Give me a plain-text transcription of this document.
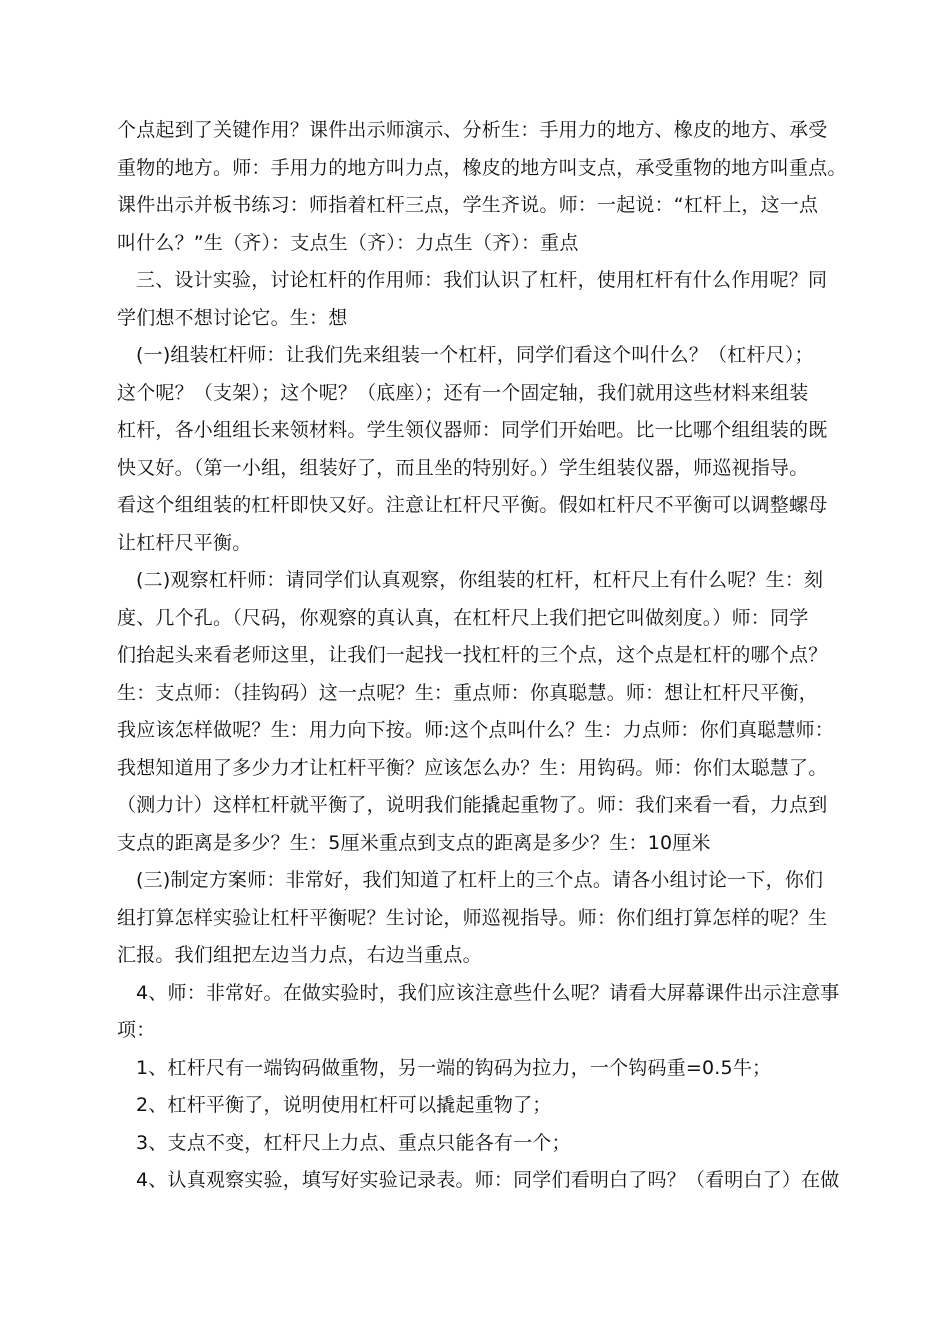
个点起到了关键作用？课件出示师演示、分析生：手用力的地方、橡皮的地方、承受
重物的地方。师：手用力的地方叫力点，橡皮的地方叫支点，承受重物的地方叫重点。
课件出示并板书练习：师指着杠杆三点，学生齐说。师：一起说：“杠杆上，这一点
叫什么？”生（齐）：支点生（齐）：力点生（齐）：重点
三、设计实验，讨论杠杆的作用师：我们认识了杠杆，使用杠杆有什么作用呢？同
学们想不想讨论它。生：想
(一)组装杠杆师：让我们先来组装一个杠杆，同学们看这个叫什么？（杠杆尺）；
这个呢？（支架）；这个呢？（底座）；还有一个固定轴，我们就用这些材料来组装
杠杆，各小组组长来领材料。学生领仪器师：同学们开始吧。比一比哪个组组装的既
快又好。（第一小组，组装好了，而且坐的特别好。）学生组装仪器，师巡视指导。
看这个组组装的杠杆即快又好。注意让杠杆尺平衡。假如杠杆尺不平衡可以调整螺母
让杠杆尺平衡。
(二)观察杠杆师：请同学们认真观察，你组装的杠杆，杠杆尺上有什么呢？生：刻
度、几个孔。（尺码，你观察的真认真，在杠杆尺上我们把它叫做刻度。）师：同学
们抬起头来看老师这里，让我们一起找一找杠杆的三个点，这个点是杠杆的哪个点？
生：支点师：（挂钩码）这一点呢？生：重点师：你真聪慧。师：想让杠杆尺平衡，
我应该怎样做呢？生：用力向下按。师:这个点叫什么？生：力点师：你们真聪慧师：
我想知道用了多少力才让杠杆平衡？应该怎么办？生：用钩码。师：你们太聪慧了。
（测力计）这样杠杆就平衡了，说明我们能撬起重物了。师：我们来看一看，力点到
支点的距离是多少？生：5厘米重点到支点的距离是多少？生：10厘米
(三)制定方案师：非常好，我们知道了杠杆上的三个点。请各小组讨论一下，你们
组打算怎样实验让杠杆平衡呢？生讨论，师巡视指导。师：你们组打算怎样的呢？生
汇报。我们组把左边当力点，右边当重点。
4、师：非常好。在做实验时，我们应该注意些什么呢？请看大屏幕课件出示注意事
项：
1、杠杆尺有一端钩码做重物，另一端的钩码为拉力，一个钩码重=0.5牛；
2、杠杆平衡了，说明使用杠杆可以撬起重物了；
3、支点不变，杠杆尺上力点、重点只能各有一个；
4、认真观察实验，填写好实验记录表。师：同学们看明白了吗？（看明白了）在做
